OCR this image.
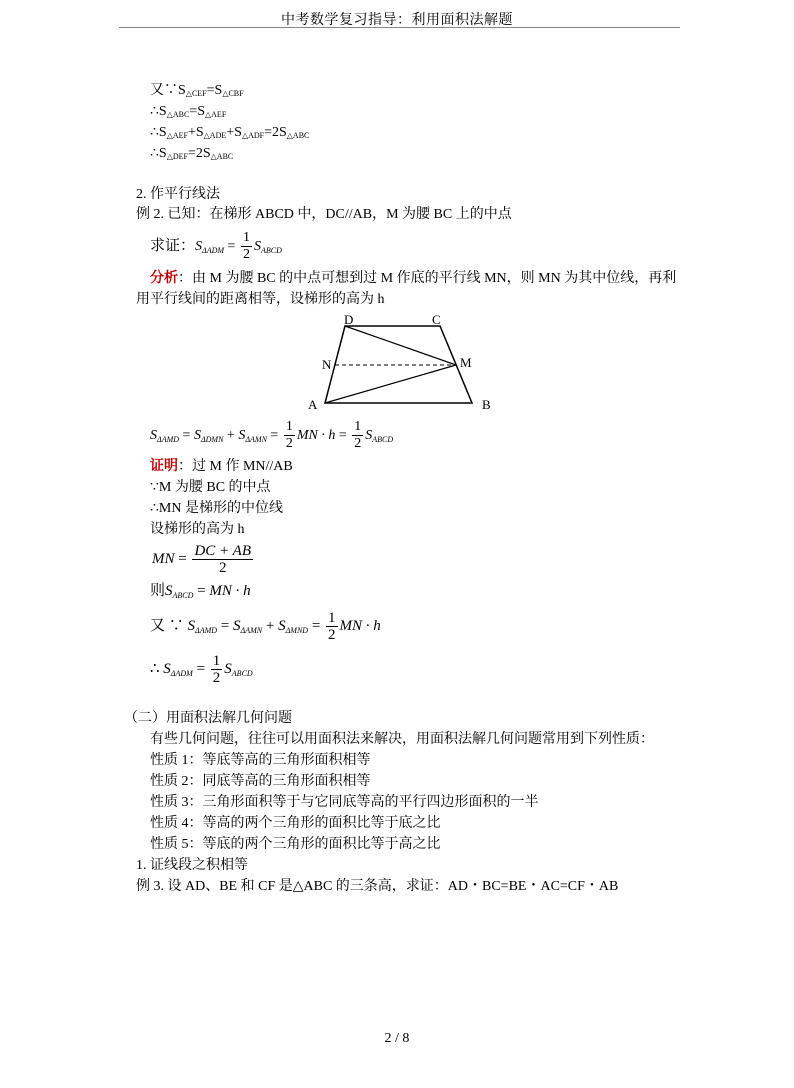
中考数学复习指导：利用面积法解题
又$\because S_{\triangle CEF}=S_{\triangle CBF}$
$\therefore S_{\triangle ABC}=S_{\triangle AEF}$
$\therefore S_{\triangle AEF}+S_{\triangle ADE}+S_{\triangle ADF}=2S_{\triangle ABC}$
$\therefore S_{\triangle DEF}=2S_{\triangle ABC}$
2. 作平行线法
例 2. 已知：在梯形 ABCD 中，DC//AB，M 为腰 BC 上的中点
求证：$S_{\Delta ADM} = \frac{1}{2} S_{ABCD}$
分析：由 M 为腰 BC 的中点可想到过 M 作底的平行线 MN，则 MN 为其中位线，再利
用平行线间的距离相等，设梯形的高为 h
D	C
N	M
A	B
$S_{\Delta AMD} = S_{\Delta DMN} + S_{\Delta AMN} = \frac{1}{2}$ MN · $h = \frac{1}{2} S_{ABCD}$
证明：过 M 作 MN//AB
∵M 为腰 BC 的中点
∴MN 是梯形的中位线
设梯形的高为 h
MN = $\frac{DC + AB}{2}$
则$S_{ABCD}$ = MN · h
又 ∵ $S_{\Delta AMD} = S_{\Delta AMN} + S_{\Delta MND} = \frac{1}{2}$ MN · h
∴ $S_{\Delta ADM} = \frac{1}{2} S_{ABCD}$
（二）用面积法解几何问题
有些几何问题，往往可以用面积法来解决，用面积法解几何问题常用到下列性质：
性质 1：等底等高的三角形面积相等
性质 2：同底等高的三角形面积相等
性质 3：三角形面积等于与它同底等高的平行四边形面积的一半
性质 4：等高的两个三角形的面积比等于底之比
性质 5：等底的两个三角形的面积比等于高之比
1. 证线段之积相等
例 3. 设 AD、BE 和 CF 是△ABC 的三条高，求证：AD・BC=BE・AC=CF・AB
2 / 8
